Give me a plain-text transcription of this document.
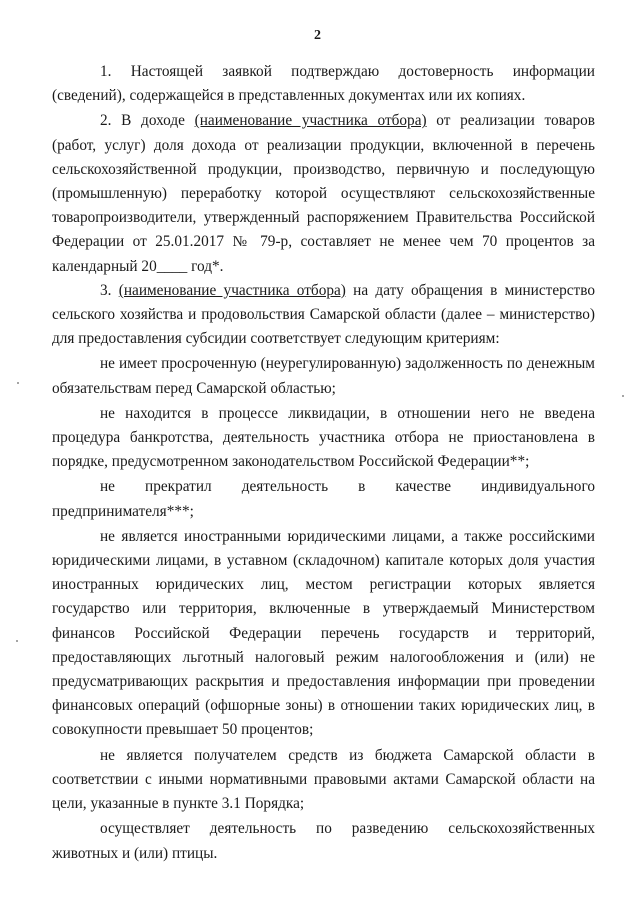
2

1. Настоящей заявкой подтверждаю достоверность информации (сведений), содержащейся в представленных документах или их копиях.

2. В доходе (наименование участника отбора) от реализации товаров (работ, услуг) доля дохода от реализации продукции, включенной в перечень сельскохозяйственной продукции, производство, первичную и последующую (промышленную) переработку которой осуществляют сельскохозяйственные товаропроизводители, утвержденный распоряжением Правительства Российской Федерации от 25.01.2017 № 79-р, составляет не менее чем 70 процентов за календарный 20____ год*.

3. (наименование участника отбора) на дату обращения в министерство сельского хозяйства и продовольствия Самарской области (далее – министерство) для предоставления субсидии соответствует следующим критериям:

не имеет просроченную (неурегулированную) задолженность по денежным обязательствам перед Самарской областью;

не находится в процессе ликвидации, в отношении него не введена процедура банкротства, деятельность участника отбора не приостановлена в порядке, предусмотренном законодательством Российской Федерации**;

не прекратил деятельность в качестве индивидуального предпринимателя***;

не является иностранными юридическими лицами, а также российскими юридическими лицами, в уставном (складочном) капитале которых доля участия иностранных юридических лиц, местом регистрации которых является государство или территория, включенные в утверждаемый Министерством финансов Российской Федерации перечень государств и территорий, предоставляющих льготный налоговый режим налогообложения и (или) не предусматривающих раскрытия и предоставления информации при проведении финансовых операций (офшорные зоны) в отношении таких юридических лиц, в совокупности превышает 50 процентов;

не является получателем средств из бюджета Самарской области в соответствии с иными нормативными правовыми актами Самарской области на цели, указанные в пункте 3.1 Порядка;

осуществляет деятельность по разведению сельскохозяйственных животных и (или) птицы.
